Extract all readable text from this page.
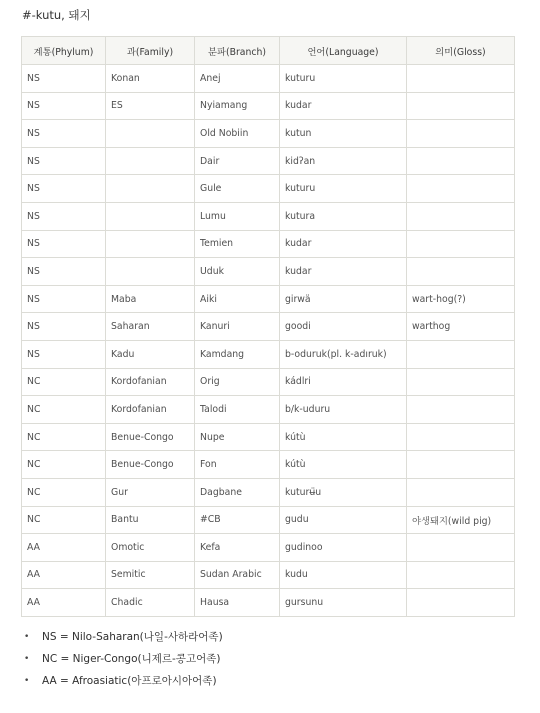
#-kutu, 돼지
계통(Phylum)	과(Family)	분파(Branch)	언어(Language)	의미(Gloss)
NS	Konan	Anej	kuturu	
NS	ES	Nyiamang	kudar	
NS		Old Nobiin	kutun	
NS		Dair	kidʔan	
NS		Gule	kuturu	
NS		Lumu	kutura	
NS		Temien	kudar	
NS		Uduk	kudar	
NS	Maba	Aiki	girwä	wart-hog(?)
NS	Saharan	Kanuri	goodi	warthog
NS	Kadu	Kamdang	b-oduruk(pl. k-adıruk)	
NC	Kordofanian	Orig	kádlri	
NC	Kordofanian	Talodi	b/k-uduru	
NC	Benue-Congo	Nupe	kútù	
NC	Benue-Congo	Fon	kútù	
NC	Gur	Dagbane	kuturʉ̈u	
NC	Bantu	#CB	gudu	야생돼지(wild pig)
AA	Omotic	Kefa	gudinoo	
AA	Semitic	Sudan Arabic	kudu	
AA	Chadic	Hausa	gursunu	
• NS = Nilo-Saharan(나일-사하라어족)
• NC = Niger-Congo(니제르-콩고어족)
• AA = Afroasiatic(아프로아시아어족)
